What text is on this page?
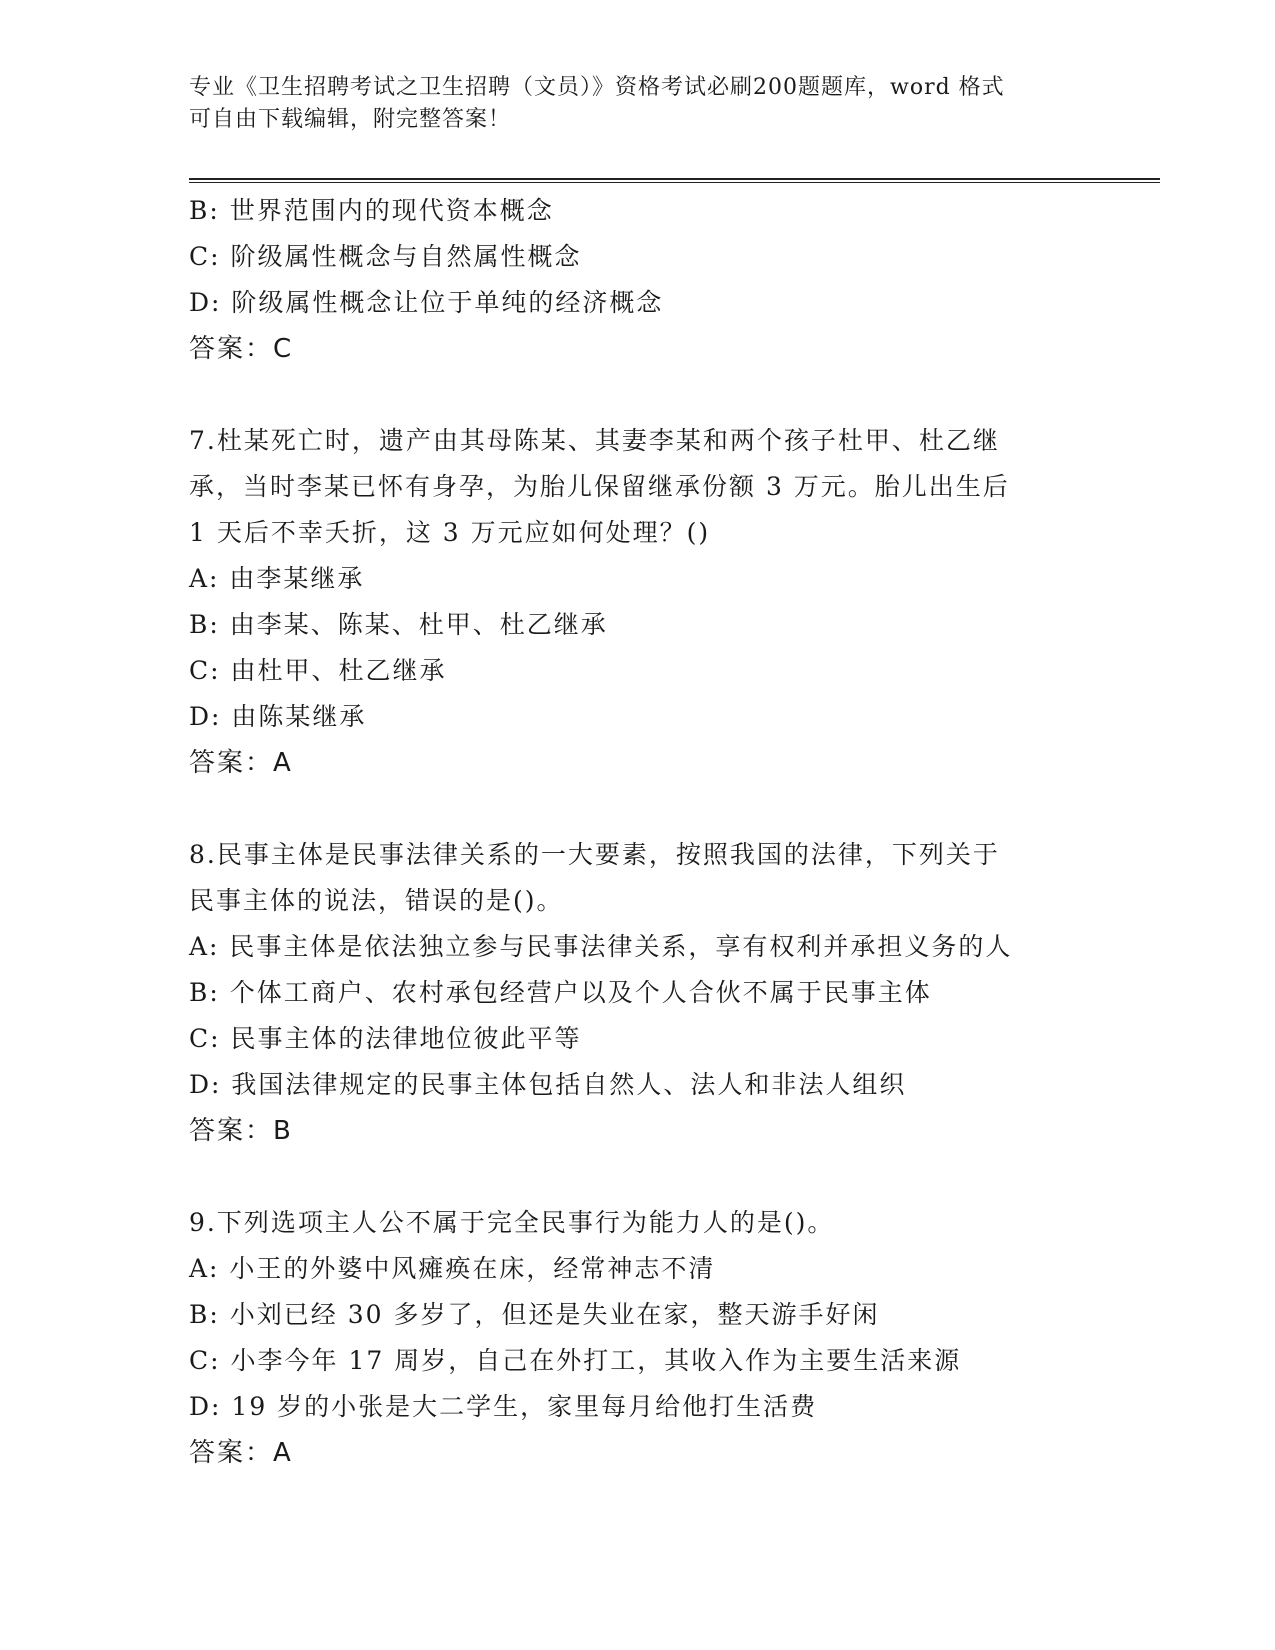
专业《卫生招聘考试之卫生招聘（文员）》资格考试必刷200题题库，word 格式
可自由下载编辑，附完整答案！
B: 世界范围内的现代资本概念
C: 阶级属性概念与自然属性概念
D: 阶级属性概念让位于单纯的经济概念
答案：C
7.杜某死亡时，遗产由其母陈某、其妻李某和两个孩子杜甲、杜乙继
承，当时李某已怀有身孕，为胎儿保留继承份额 3 万元。胎儿出生后
1 天后不幸夭折，这 3 万元应如何处理？()
A: 由李某继承
B: 由李某、陈某、杜甲、杜乙继承
C: 由杜甲、杜乙继承
D: 由陈某继承
答案：A
8.民事主体是民事法律关系的一大要素，按照我国的法律，下列关于
民事主体的说法，错误的是()。
A: 民事主体是依法独立参与民事法律关系，享有权利并承担义务的人
B: 个体工商户、农村承包经营户以及个人合伙不属于民事主体
C: 民事主体的法律地位彼此平等
D: 我国法律规定的民事主体包括自然人、法人和非法人组织
答案：B
9.下列选项主人公不属于完全民事行为能力人的是()。
A: 小王的外婆中风瘫痪在床，经常神志不清
B: 小刘已经 30 多岁了，但还是失业在家，整天游手好闲
C: 小李今年 17 周岁，自己在外打工，其收入作为主要生活来源
D: 19 岁的小张是大二学生，家里每月给他打生活费
答案：A
